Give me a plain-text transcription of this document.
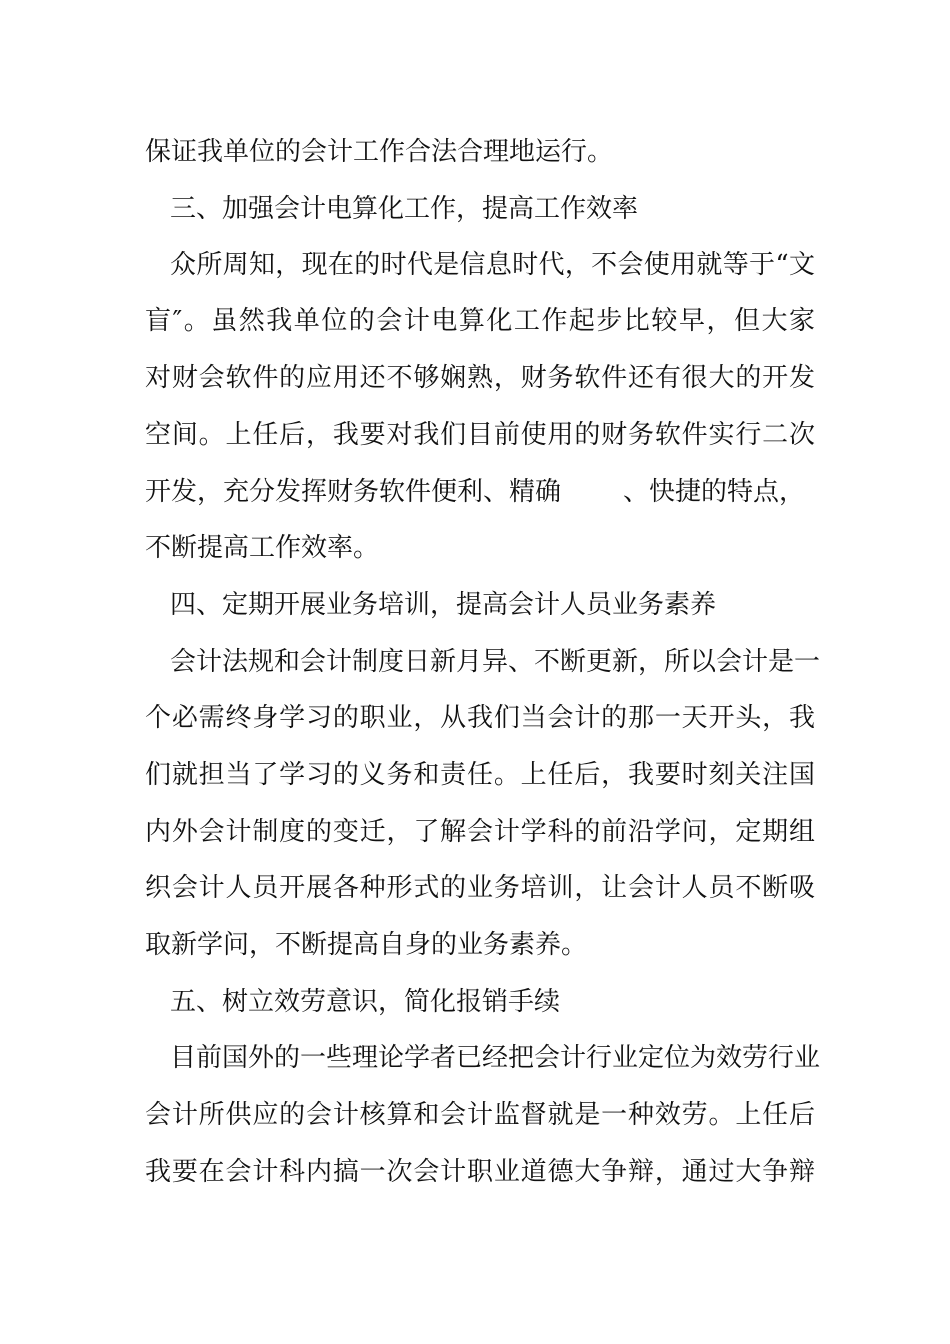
保证我单位的会计工作合法合理地运行。
三、加强会计电算化工作，提高工作效率
众所周知，现在的时代是信息时代，不会使用就等于“文
盲″。虽然我单位的会计电算化工作起步比较早，但大家
对财会软件的应用还不够娴熟，财务软件还有很大的开发
空间。上任后，我要对我们目前使用的财务软件实行二次
开发，充分发挥财务软件便利、精确 、快捷的特点，
不断提高工作效率。
四、定期开展业务培训，提高会计人员业务素养
会计法规和会计制度日新月异、不断更新，所以会计是一
个必需终身学习的职业，从我们当会计的那一天开头，我
们就担当了学习的义务和责任。上任后，我要时刻关注国
内外会计制度的变迁，了解会计学科的前沿学问，定期组
织会计人员开展各种形式的业务培训，让会计人员不断吸
取新学问，不断提高自身的业务素养。
五、树立效劳意识，简化报销手续
目前国外的一些理论学者已经把会计行业定位为效劳行业
会计所供应的会计核算和会计监督就是一种效劳。上任后
我要在会计科内搞一次会计职业道德大争辩，通过大争辩
